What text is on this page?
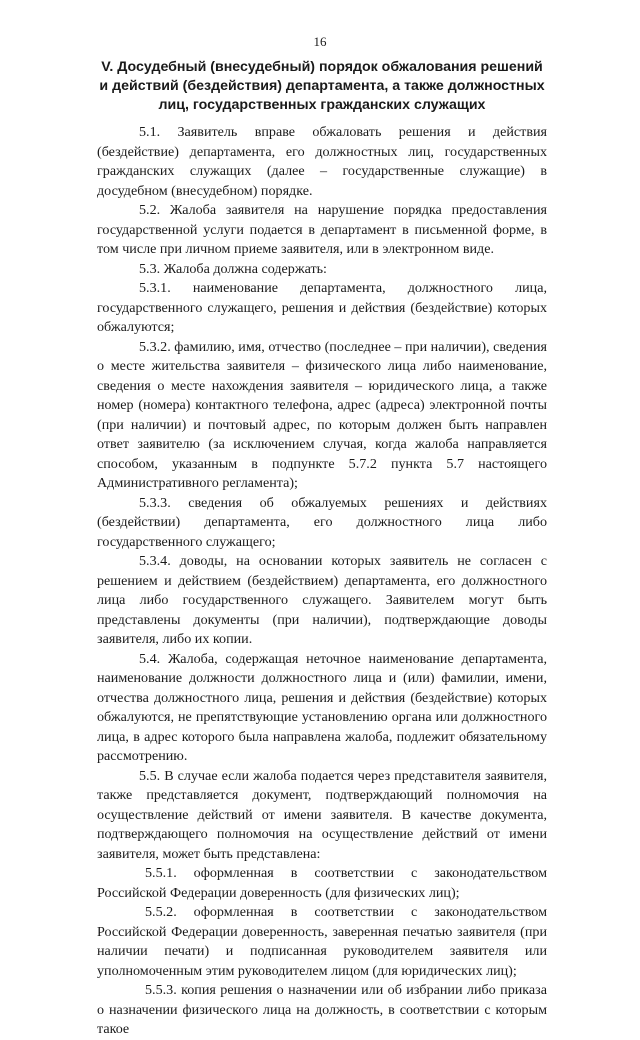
16
V. Досудебный (внесудебный) порядок обжалования решений и действий (бездействия) департамента, а также должностных лиц, государственных гражданских служащих

5.1. Заявитель вправе обжаловать решения и действия (бездействие) департамента, его должностных лиц, государственных гражданских служащих (далее – государственные служащие) в досудебном (внесудебном) порядке.

5.2. Жалоба заявителя на нарушение порядка предоставления государственной услуги подается в департамент в письменной форме, в том числе при личном приеме заявителя, или в электронном виде.

5.3. Жалоба должна содержать:

5.3.1. наименование департамента, должностного лица, государственного служащего, решения и действия (бездействие) которых обжалуются;

5.3.2. фамилию, имя, отчество (последнее – при наличии), сведения о месте жительства заявителя – физического лица либо наименование, сведения о месте нахождения заявителя – юридического лица, а также номер (номера) контактного телефона, адрес (адреса) электронной почты (при наличии) и почтовый адрес, по которым должен быть направлен ответ заявителю (за исключением случая, когда жалоба направляется способом, указанным в подпункте 5.7.2 пункта 5.7 настоящего Административного регламента);

5.3.3. сведения об обжалуемых решениях и действиях (бездействии) департамента, его должностного лица либо государственного служащего;

5.3.4. доводы, на основании которых заявитель не согласен с решением и действием (бездействием) департамента, его должностного лица либо государственного служащего. Заявителем могут быть представлены документы (при наличии), подтверждающие доводы заявителя, либо их копии.

5.4. Жалоба, содержащая неточное наименование департамента, наименование должности должностного лица и (или) фамилии, имени, отчества должностного лица, решения и действия (бездействие) которых обжалуются, не препятствующие установлению органа или должностного лица, в адрес которого была направлена жалоба, подлежит обязательному рассмотрению.

5.5. В случае если жалоба подается через представителя заявителя, также представляется документ, подтверждающий полномочия на осуществление действий от имени заявителя. В качестве документа, подтверждающего полномочия на осуществление действий от имени заявителя, может быть представлена:

5.5.1. оформленная в соответствии с законодательством Российской Федерации доверенность (для физических лиц);

5.5.2. оформленная в соответствии с законодательством Российской Федерации доверенность, заверенная печатью заявителя (при наличии печати) и подписанная руководителем заявителя или уполномоченным этим руководителем лицом (для юридических лиц);

5.5.3. копия решения о назначении или об избрании либо приказа о назначении физического лица на должность, в соответствии с которым такое
